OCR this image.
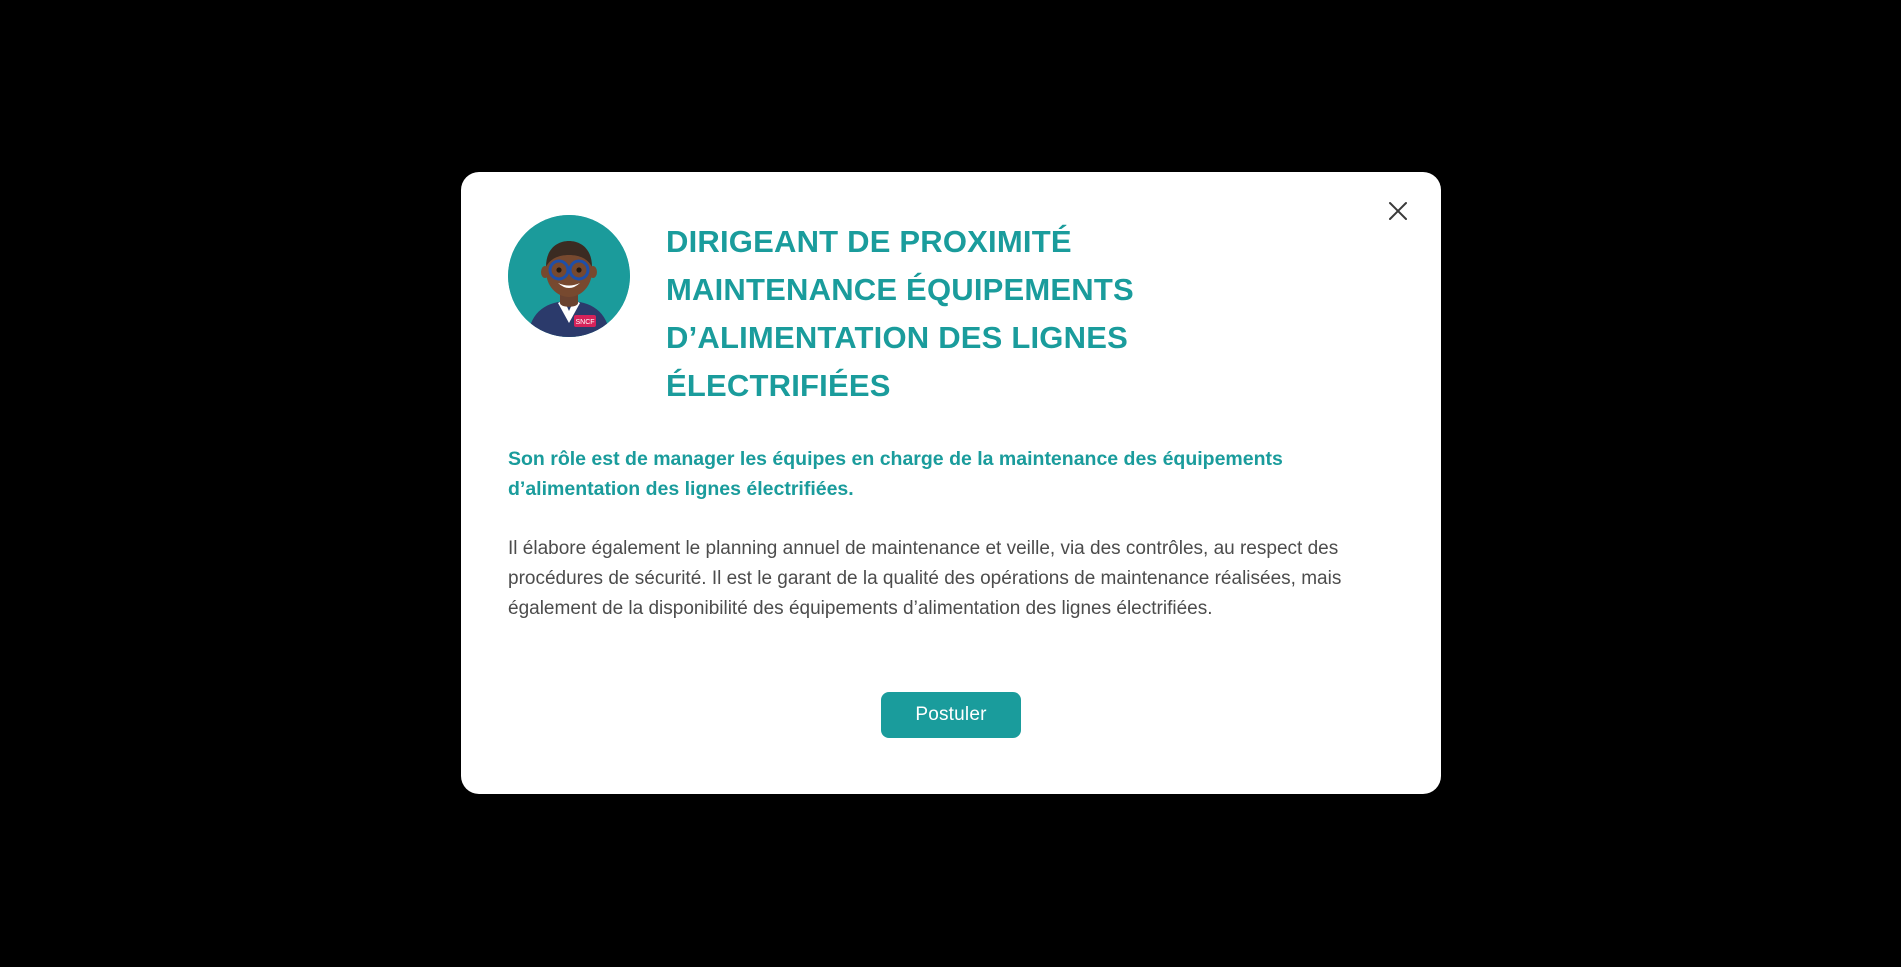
SNCF
DIRIGEANT DE PROXIMITÉ MAINTENANCE ÉQUIPEMENTS D’ALIMENTATION DES LIGNES ÉLECTRIFIÉES

Son rôle est de manager les équipes en charge de la maintenance des équipements d’alimentation des lignes électrifiées.

Il élabore également le planning annuel de maintenance et veille, via des contrôles, au respect des procédures de sécurité. Il est le garant de la qualité des opérations de maintenance réalisées, mais également de la disponibilité des équipements d’alimentation des lignes électrifiées.

Postuler
